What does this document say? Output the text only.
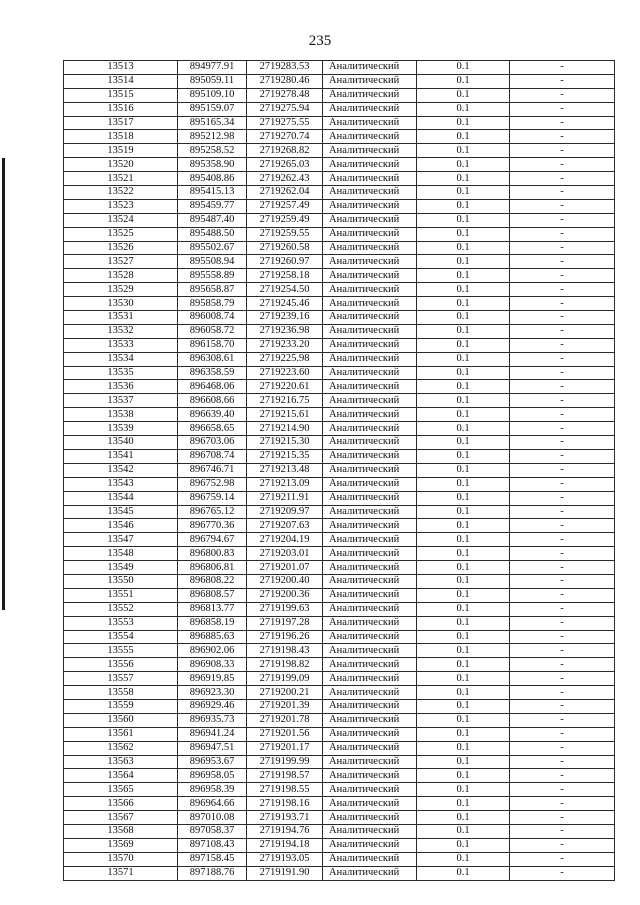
235
13513	894977.91	2719283.53	Аналитический	0.1	-
13514	895059.11	2719280.46	Аналитический	0.1	-
13515	895109.10	2719278.48	Аналитический	0.1	-
13516	895159.07	2719275.94	Аналитический	0.1	-
13517	895165.34	2719275.55	Аналитический	0.1	-
13518	895212.98	2719270.74	Аналитический	0.1	-
13519	895258.52	2719268.82	Аналитический	0.1	-
13520	895358.90	2719265.03	Аналитический	0.1	-
13521	895408.86	2719262.43	Аналитический	0.1	-
13522	895415.13	2719262.04	Аналитический	0.1	-
13523	895459.77	2719257.49	Аналитический	0.1	-
13524	895487.40	2719259.49	Аналитический	0.1	-
13525	895488.50	2719259.55	Аналитический	0.1	-
13526	895502.67	2719260.58	Аналитический	0.1	-
13527	895508.94	2719260.97	Аналитический	0.1	-
13528	895558.89	2719258.18	Аналитический	0.1	-
13529	895658.87	2719254.50	Аналитический	0.1	-
13530	895858.79	2719245.46	Аналитический	0.1	-
13531	896008.74	2719239.16	Аналитический	0.1	-
13532	896058.72	2719236.98	Аналитический	0.1	-
13533	896158.70	2719233.20	Аналитический	0.1	-
13534	896308.61	2719225.98	Аналитический	0.1	-
13535	896358.59	2719223.60	Аналитический	0.1	-
13536	896468.06	2719220.61	Аналитический	0.1	-
13537	896608.66	2719216.75	Аналитический	0.1	-
13538	896639.40	2719215.61	Аналитический	0.1	-
13539	896658.65	2719214.90	Аналитический	0.1	-
13540	896703.06	2719215.30	Аналитический	0.1	-
13541	896708.74	2719215.35	Аналитический	0.1	-
13542	896746.71	2719213.48	Аналитический	0.1	-
13543	896752.98	2719213.09	Аналитический	0.1	-
13544	896759.14	2719211.91	Аналитический	0.1	-
13545	896765.12	2719209.97	Аналитический	0.1	-
13546	896770.36	2719207.63	Аналитический	0.1	-
13547	896794.67	2719204.19	Аналитический	0.1	-
13548	896800.83	2719203.01	Аналитический	0.1	-
13549	896806.81	2719201.07	Аналитический	0.1	-
13550	896808.22	2719200.40	Аналитический	0.1	-
13551	896808.57	2719200.36	Аналитический	0.1	-
13552	896813.77	2719199.63	Аналитический	0.1	-
13553	896858.19	2719197.28	Аналитический	0.1	-
13554	896885.63	2719196.26	Аналитический	0.1	-
13555	896902.06	2719198.43	Аналитический	0.1	-
13556	896908.33	2719198.82	Аналитический	0.1	-
13557	896919.85	2719199.09	Аналитический	0.1	-
13558	896923.30	2719200.21	Аналитический	0.1	-
13559	896929.46	2719201.39	Аналитический	0.1	-
13560	896935.73	2719201.78	Аналитический	0.1	-
13561	896941.24	2719201.56	Аналитический	0.1	-
13562	896947.51	2719201.17	Аналитический	0.1	-
13563	896953.67	2719199.99	Аналитический	0.1	-
13564	896958.05	2719198.57	Аналитический	0.1	-
13565	896958.39	2719198.55	Аналитический	0.1	-
13566	896964.66	2719198.16	Аналитический	0.1	-
13567	897010.08	2719193.71	Аналитический	0.1	-
13568	897058.37	2719194.76	Аналитический	0.1	-
13569	897108.43	2719194.18	Аналитический	0.1	-
13570	897158.45	2719193.05	Аналитический	0.1	-
13571	897188.76	2719191.90	Аналитический	0.1	-
